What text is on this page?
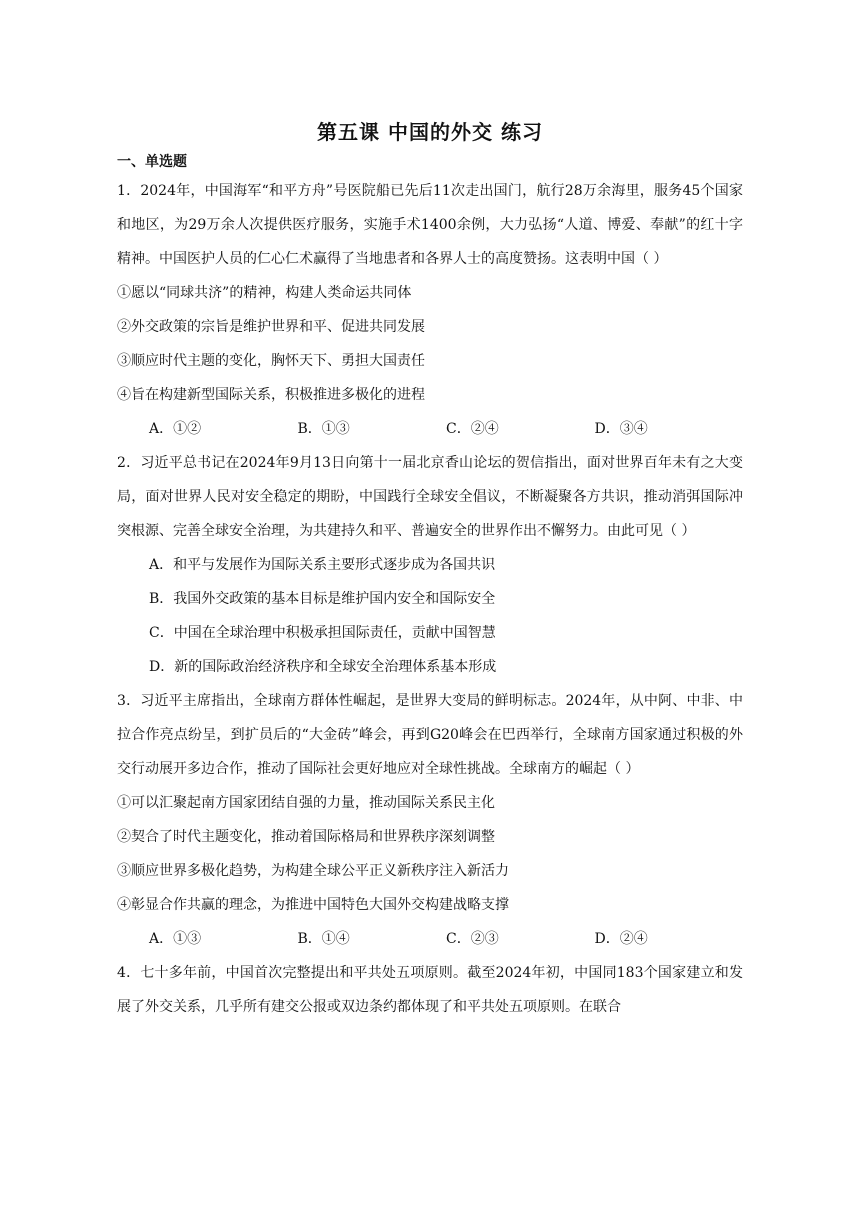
第五课 中国的外交 练习
一、单选题

1．2024年，中国海军“和平方舟”号医院船已先后11次走出国门，航行28万余海里，服务45个国家和地区，为29万余人次提供医疗服务，实施手术1400余例，大力弘扬“人道、博爱、奉献”的红十字精神。中国医护人员的仁心仁术赢得了当地患者和各界人士的高度赞扬。这表明中国（ ）

①愿以“同球共济”的精神，构建人类命运共同体
②外交政策的宗旨是维护世界和平、促进共同发展
③顺应时代主题的变化，胸怀天下、勇担大国责任
④旨在构建新型国际关系，积极推进多极化的进程
A．①②	B．①③	C．②④	D．③④

2．习近平总书记在2024年9月13日向第十一届北京香山论坛的贺信指出，面对世界百年未有之大变局，面对世界人民对安全稳定的期盼，中国践行全球安全倡议，不断凝聚各方共识，推动消弭国际冲突根源、完善全球安全治理，为共建持久和平、普遍安全的世界作出不懈努力。由此可见（ ）

A．和平与发展作为国际关系主要形式逐步成为各国共识
B．我国外交政策的基本目标是维护国内安全和国际安全
C．中国在全球治理中积极承担国际责任，贡献中国智慧
D．新的国际政治经济秩序和全球安全治理体系基本形成

3．习近平主席指出，全球南方群体性崛起，是世界大变局的鲜明标志。2024年，从中阿、中非、中拉合作亮点纷呈，到扩员后的“大金砖”峰会，再到G20峰会在巴西举行，全球南方国家通过积极的外交行动展开多边合作，推动了国际社会更好地应对全球性挑战。全球南方的崛起（ ）

①可以汇聚起南方国家团结自强的力量，推动国际关系民主化
②契合了时代主题变化，推动着国际格局和世界秩序深刻调整
③顺应世界多极化趋势，为构建全球公平正义新秩序注入新活力
④彰显合作共赢的理念，为推进中国特色大国外交构建战略支撑
A．①③	B．①④	C．②③	D．②④

4．七十多年前，中国首次完整提出和平共处五项原则。截至2024年初，中国同183个国家建立和发展了外交关系，几乎所有建交公报或双边条约都体现了和平共处五项原则。在联合
